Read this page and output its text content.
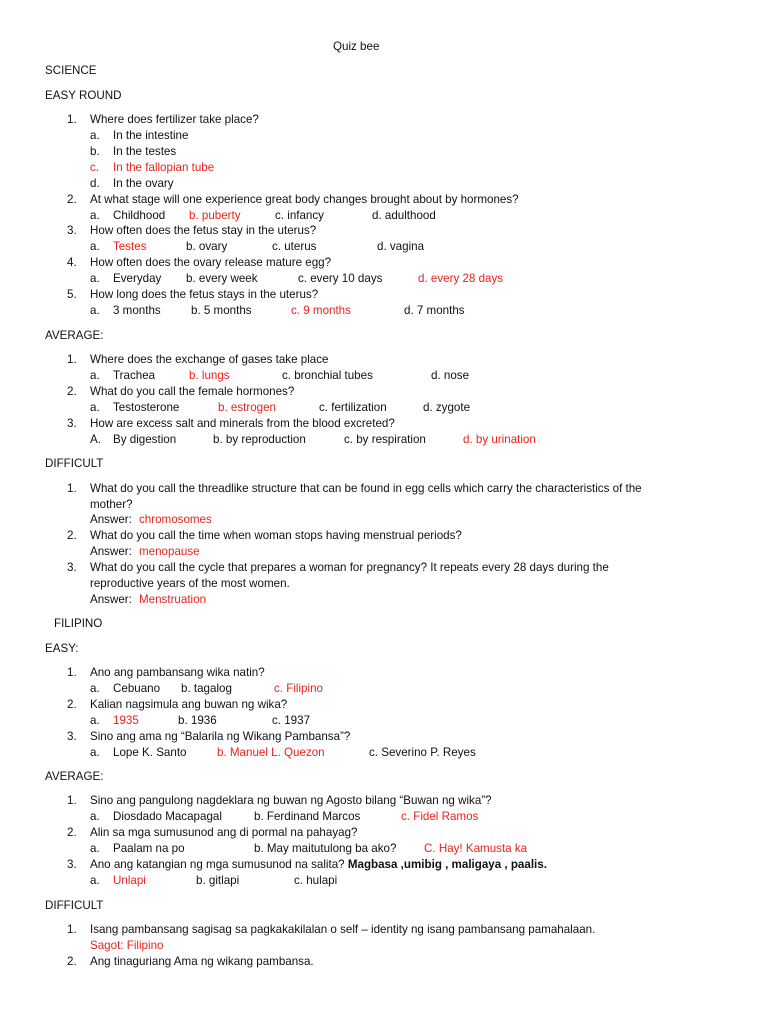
Quiz bee
SCIENCE
EASY ROUND
1. Where does fertilizer take place?
a. In the intestine
b. In the testes
c. In the fallopian tube
d. In the ovary
2. At what stage will one experience great body changes brought about by hormones?
a. Childhood b. puberty	c. infancy	d. adulthood
3. How often does the fetus stay in the uterus?
a. Testes	b. ovary	c. uterus	d. vagina
4. How often does the ovary release mature egg?
a. Everyday b. every week	c. every 10 days	d. every 28 days
5. How long does the fetus stays in the uterus?
a. 3 months	b. 5 months	c. 9 months	d. 7 months
AVERAGE:
1. Where does the exchange of gases take place
a. Trachea	b. lungs	c. bronchial tubes	d. nose
2. What do you call the female hormones?
a. Testosterone	b. estrogen	c. fertilization	d. zygote
3. How are excess salt and minerals from the blood excreted?
A. By digestion	b. by reproduction	c. by respiration	d. by urination
DIFFICULT
1. What do you call the threadlike structure that can be found in egg cells which carry the characteristics of the
mother?
Answer: chromosomes
2. What do you call the time when woman stops having menstrual periods?
Answer: menopause
3. What do you call the cycle that prepares a woman for pregnancy? It repeats every 28 days during the
reproductive years of the most women.
Answer: Menstruation
FILIPINO
EASY:
1. Ano ang pambansang wika natin?
a. Cebuano b. tagalog	c. Filipino
2. Kalian nagsimula ang buwan ng wika?
a. 1935	b. 1936	c. 1937
3. Sino ang ama ng “Balarila ng Wikang Pambansa”?
a. Lope K. Santo	b. Manuel L. Quezon	c. Severino P. Reyes
AVERAGE:
1. Sino ang pangulong nagdeklara ng buwan ng Agosto bilang “Buwan ng wika”?
a. Diosdado Macapagal	b. Ferdinand Marcos	c. Fidel Ramos
2. Alin sa mga sumusunod ang di pormal na pahayag?
a. Paalam na po	b. May maitutulong ba ako? C. Hay! Kamusta ka
3. Ano ang katangian ng mga sumusunod na salita? Magbasa ,umibig , maligaya , paalis.
a. Unlapi	b. gitlapi	c. hulapi
DIFFICULT
1. Isang pambansang sagisag sa pagkakakilalan o self – identity ng isang pambansang pamahalaan.
Sagot: Filipino
2. Ang tinaguriang Ama ng wikang pambansa.
